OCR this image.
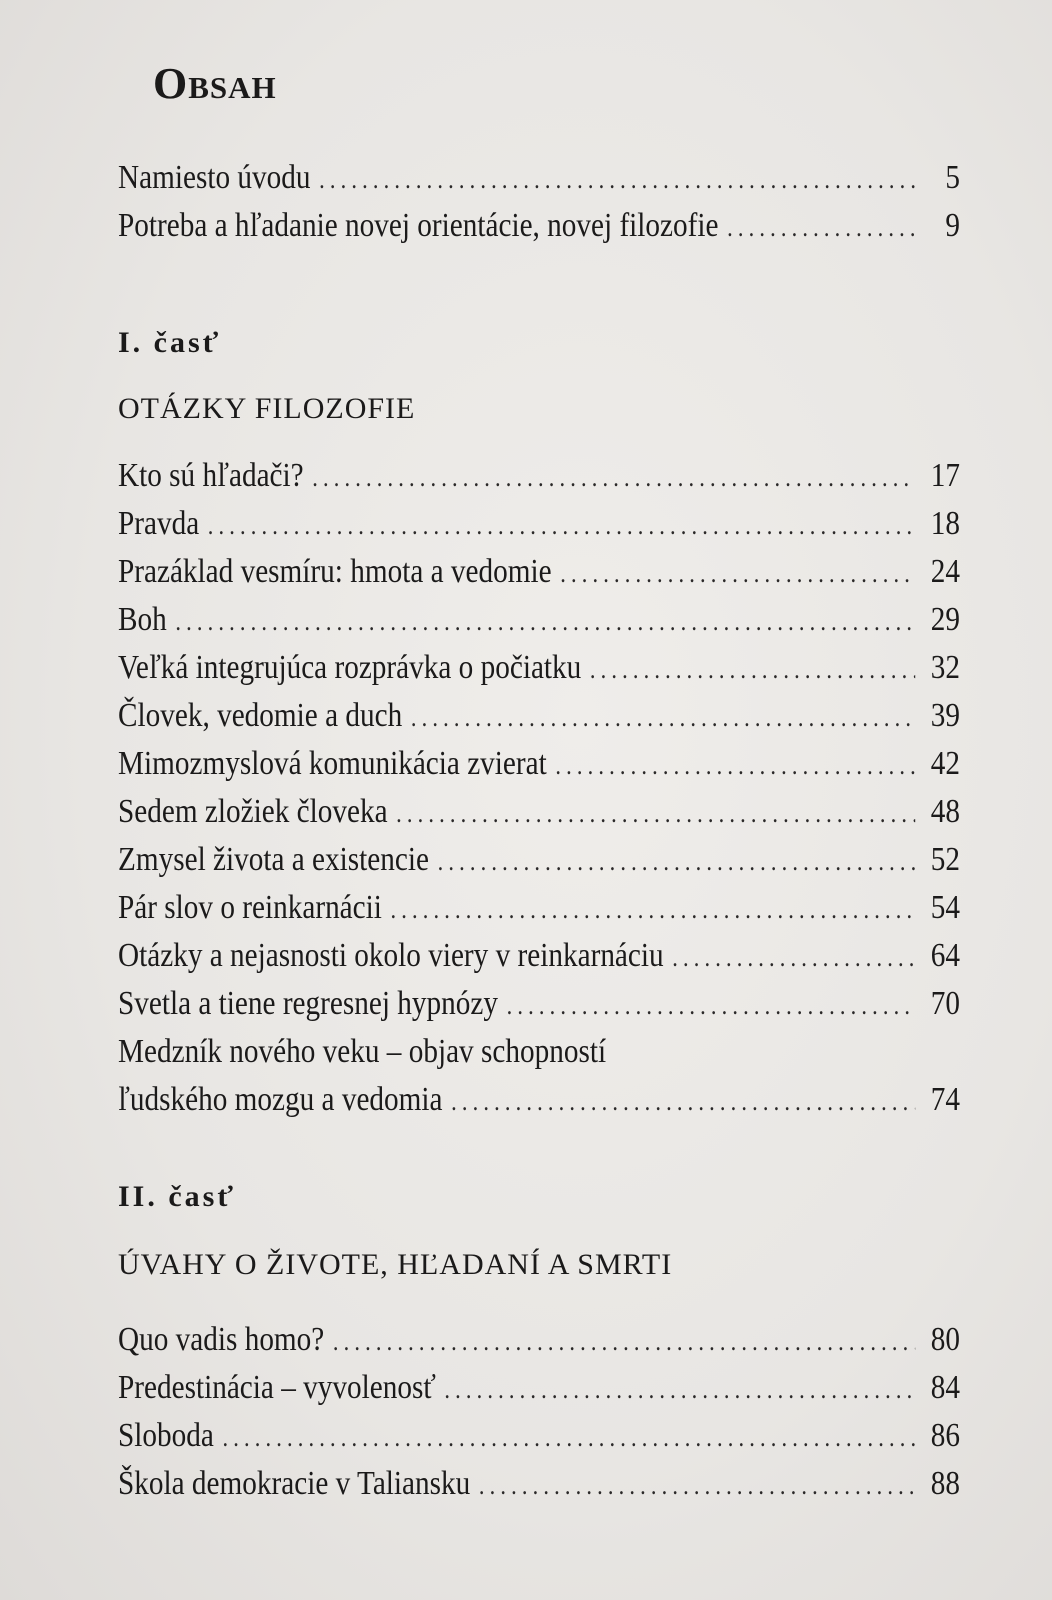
Obsah
Namiesto úvodu .....	5
Potreba a hľadanie novej orientácie, novej filozofie .....	9
I. časť
OTÁZKY FILOZOFIE
Kto sú hľadači? .....	17
Pravda .....	18
Prazáklad vesmíru: hmota a vedomie .....	24
Boh .....	29
Veľká integrujúca rozprávka o počiatku .....	32
Človek, vedomie a duch .....	39
Mimozmyslová komunikácia zvierat .....	42
Sedem zložiek človeka .....	48
Zmysel života a existencie .....	52
Pár slov o reinkarnácii .....	54
Otázky a nejasnosti okolo viery v reinkarnáciu .....	64
Svetla a tiene regresnej hypnózy .....	70
Medzník nového veku – objav schopností
ľudského mozgu a vedomia .....	74
II. časť
ÚVAHY O ŽIVOTE, HĽADANÍ A SMRTI
Quo vadis homo? .....	80
Predestinácia – vyvolenosť .....	84
Sloboda .....	86
Škola demokracie v Taliansku .....	88
